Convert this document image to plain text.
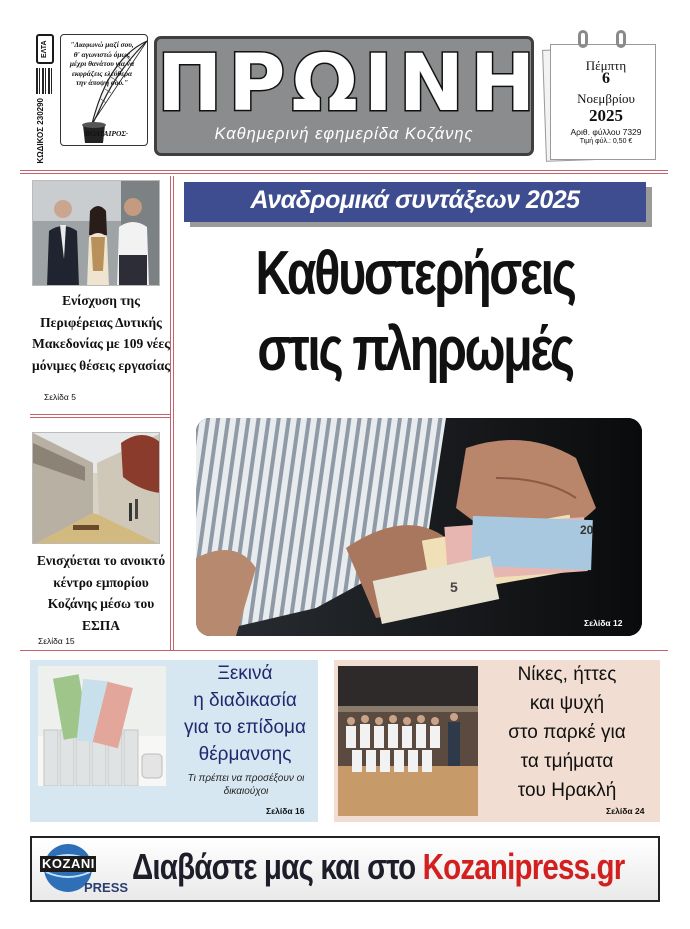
ΕΛΤΑ
ΚΩΔΙΚΟΣ 230290
"Διαφωνώ μαζί σου, θ' αγωνιστώ όμως μέχρι θανάτου για να εκφράζεις ελεύθερα την άποψή σου."
ΒΟΛΤΑΙΡΟΣ·
ΠΡΩΙΝΗ
Καθημερινή εφημερίδα Κοζάνης
Πέμπτη
6
Νοεμβρίου
2025
Αριθ. φύλλου 7329
Τιμή φύλ.: 0,50 €
Ενίσχυση της Περιφέρειας Δυτικής Μακεδονίας με 109 νέες μόνιμες θέσεις εργασίας
Σελίδα 5
Ενισχύεται το ανοικτό κέντρο εμπορίου Κοζάνης μέσω του ΕΣΠΑ
Σελίδα 15
Αναδρομικά συντάξεων 2025
Καθυστερήσεις
στις πληρωμές
20
5
Σελίδα 12
Ξεκινά
η διαδικασία
για το επίδομα
θέρμανσης
Τι πρέπει να προσέξουν οι δικαιούχοι
Σελίδα 16
Νίκες, ήττες
και ψυχή
στο παρκέ για
τα τμήματα
του Ηρακλή
Σελίδα 24
KOZANI
PRESS
Διαβάστε μας και στο Kozanipress.gr
